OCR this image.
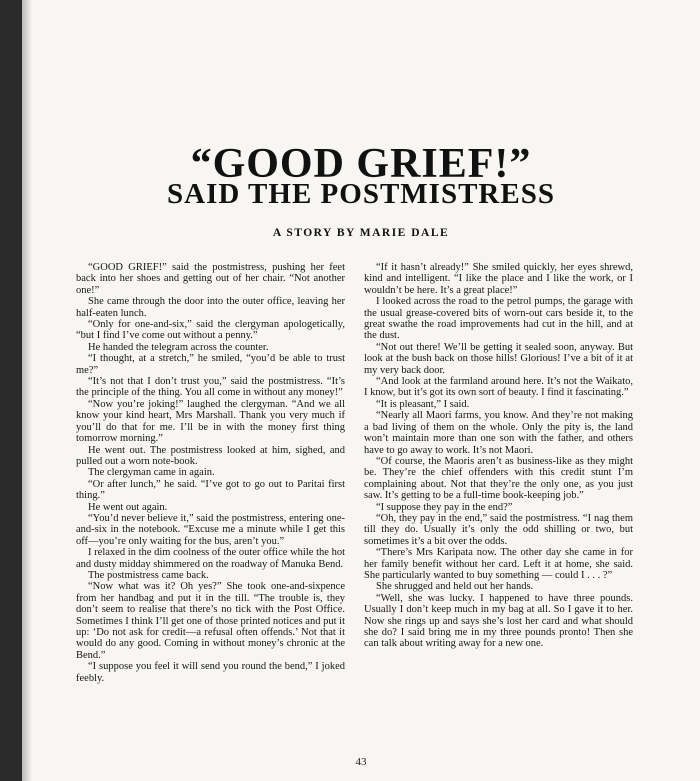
“GOOD GRIEF!”
SAID THE POSTMISTRESS
A STORY BY MARIE DALE

“GOOD GRIEF!” said the postmistress, pushing her feet back into her shoes and getting out of her chair. “Not another one!”

She came through the door into the outer office, leaving her half-eaten lunch.

“Only for one-and-six,” said the clergyman apologetically, “but I find I’ve come out without a penny.”

He handed the telegram across the counter.

“I thought, at a stretch,” he smiled, “you’d be able to trust me?”

“It’s not that I don’t trust you,” said the postmistress. “It’s the principle of the thing. You all come in without any money!”

“Now you’re joking!” laughed the clergyman. “And we all know your kind heart, Mrs Marshall. Thank you very much if you’ll do that for me. I’ll be in with the money first thing tomorrow morning.”

He went out. The postmistress looked at him, sighed, and pulled out a worn note-book.

The clergyman came in again.

“Or after lunch,” he said. “I’ve got to go out to Paritai first thing.”

He went out again.

“You’d never believe it,” said the postmistress, entering one-and-six in the notebook. “Excuse me a minute while I get this off—you’re only waiting for the bus, aren’t you.”

I relaxed in the dim coolness of the outer office while the hot and dusty midday shimmered on the roadway of Manuka Bend.

The postmistress came back.

“Now what was it? Oh yes?” She took one-and-sixpence from her handbag and put it in the till. “The trouble is, they don’t seem to realise that there’s no tick with the Post Office. Sometimes I think I’ll get one of those printed notices and put it up: ‘Do not ask for credit—a refusal often offends.’ Not that it would do any good. Coming in without money’s chronic at the Bend.”

“I suppose you feel it will send you round the bend,” I joked feebly.

“If it hasn’t already!” She smiled quickly, her eyes shrewd, kind and intelligent. “I like the place and I like the work, or I wouldn’t be here. It’s a great place!”

I looked across the road to the petrol pumps, the garage with the usual grease-covered bits of worn-out cars beside it, to the great swathe the road improvements had cut in the hill, and at the dust.

“Not out there! We’ll be getting it sealed soon, anyway. But look at the bush back on those hills! Glorious! I’ve a bit of it at my very back door.

“And look at the farmland around here. It’s not the Waikato, I know, but it’s got its own sort of beauty. I find it fascinating.”

“It is pleasant,” I said.

“Nearly all Maori farms, you know. And they’re not making a bad living of them on the whole. Only the pity is, the land won’t maintain more than one son with the father, and others have to go away to work. It’s not Maori.

“Of course, the Maoris aren’t as business-like as they might be. They’re the chief offenders with this credit stunt I’m complaining about. Not that they’re the only one, as you just saw. It’s getting to be a full-time book-keeping job.”

“I suppose they pay in the end?”

“Oh, they pay in the end,” said the postmistress. “I nag them till they do. Usually it’s only the odd shilling or two, but sometimes it’s a bit over the odds.

“There’s Mrs Karipata now. The other day she came in for her family benefit without her card. Left it at home, she said. She particularly wanted to buy something — could I . . . ?”

She shrugged and held out her hands.

“Well, she was lucky. I happened to have three pounds. Usually I don’t keep much in my bag at all. So I gave it to her. Now she rings up and says she’s lost her card and what should she do? I said bring me in my three pounds pronto! Then she can talk about writing away for a new one.

43
